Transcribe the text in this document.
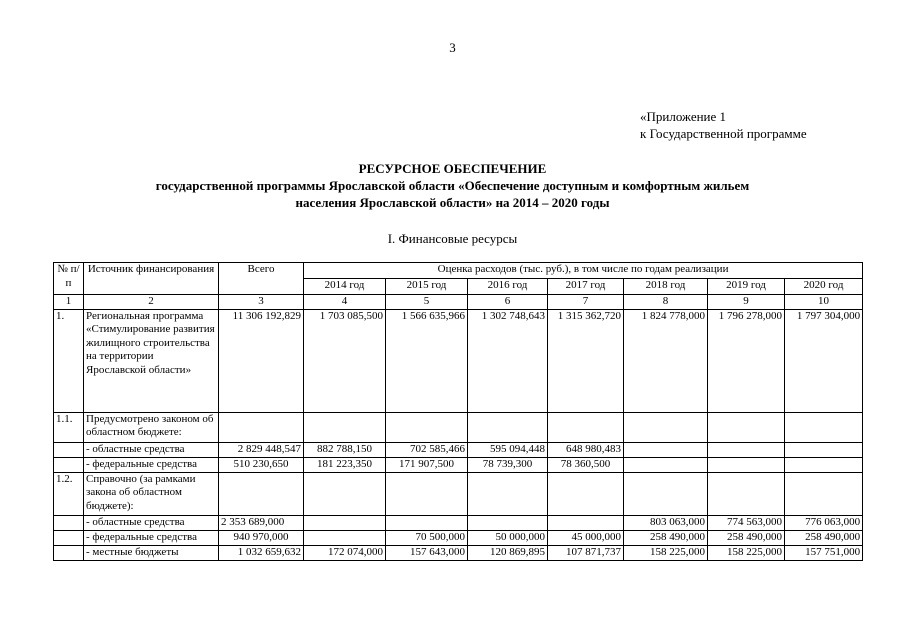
3
«Приложение 1
к Государственной программе
РЕСУРСНОЕ ОБЕСПЕЧЕНИЕ
государственной программы Ярославской области «Обеспечение доступным и комфортным жильем
населения Ярославской области» на 2014 – 2020 годы
I. Финансовые ресурсы
№ п/п	Источник финансирования	Всего	Оценка расходов (тыс. руб.), в том числе по годам реализации						
			2014 год	2015 год	2016 год	2017 год	2018 год	2019 год	2020 год
1	2	3	4	5	6	7	8	9	10
1.	Региональная программа «Стимулирование развития жилищного строительства на территории Ярославской области»	11 306 192,829	1 703 085,500	1 566 635,966	1 302 748,643	1 315 362,720	1 824 778,000	1 796 278,000	1 797 304,000
1.1.	Предусмотрено законом об областном бюджете:								
	- областные средства	2 829 448,547	882 788,150	702 585,466	595 094,448	648 980,483			
	- федеральные средства	510 230,650	181 223,350	171 907,500	78 739,300	78 360,500			
1.2.	Справочно (за рамками закона об областном бюджете):								
	- областные средства	2 353 689,000					803 063,000	774 563,000	776 063,000
	- федеральные средства	940 970,000		70 500,000	50 000,000	45 000,000	258 490,000	258 490,000	258 490,000
	- местные бюджеты	1 032 659,632	172 074,000	157 643,000	120 869,895	107 871,737	158 225,000	158 225,000	157 751,000
